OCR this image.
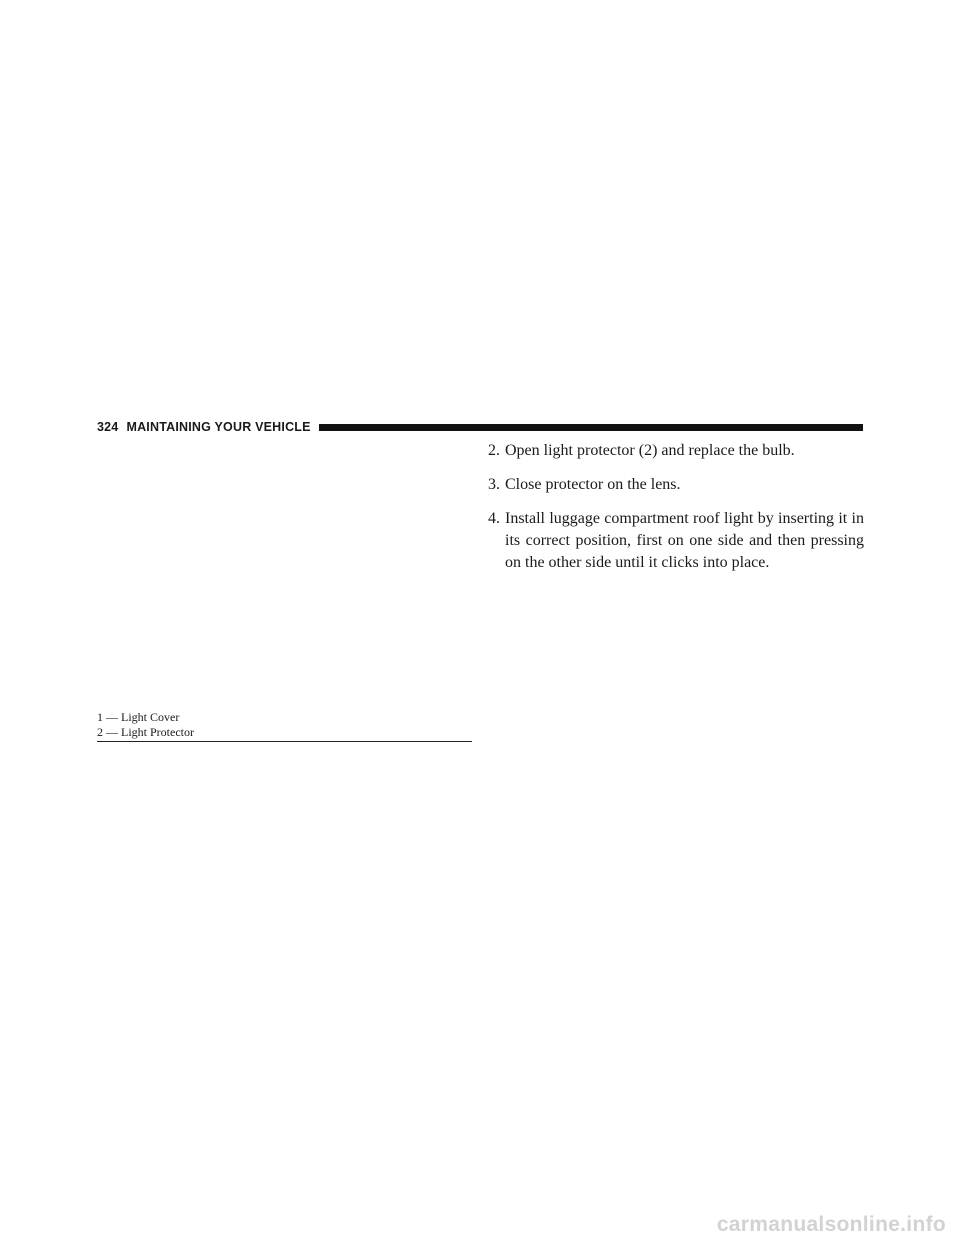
324 MAINTAINING YOUR VEHICLE
2. Open light protector (2) and replace the bulb.
3. Close protector on the lens.
4. Install luggage compartment roof light by inserting it in its correct position, first on one side and then pressing on the other side until it clicks into place.

1 — Light Cover

2 — Light Protector

carmanualsonline.info
